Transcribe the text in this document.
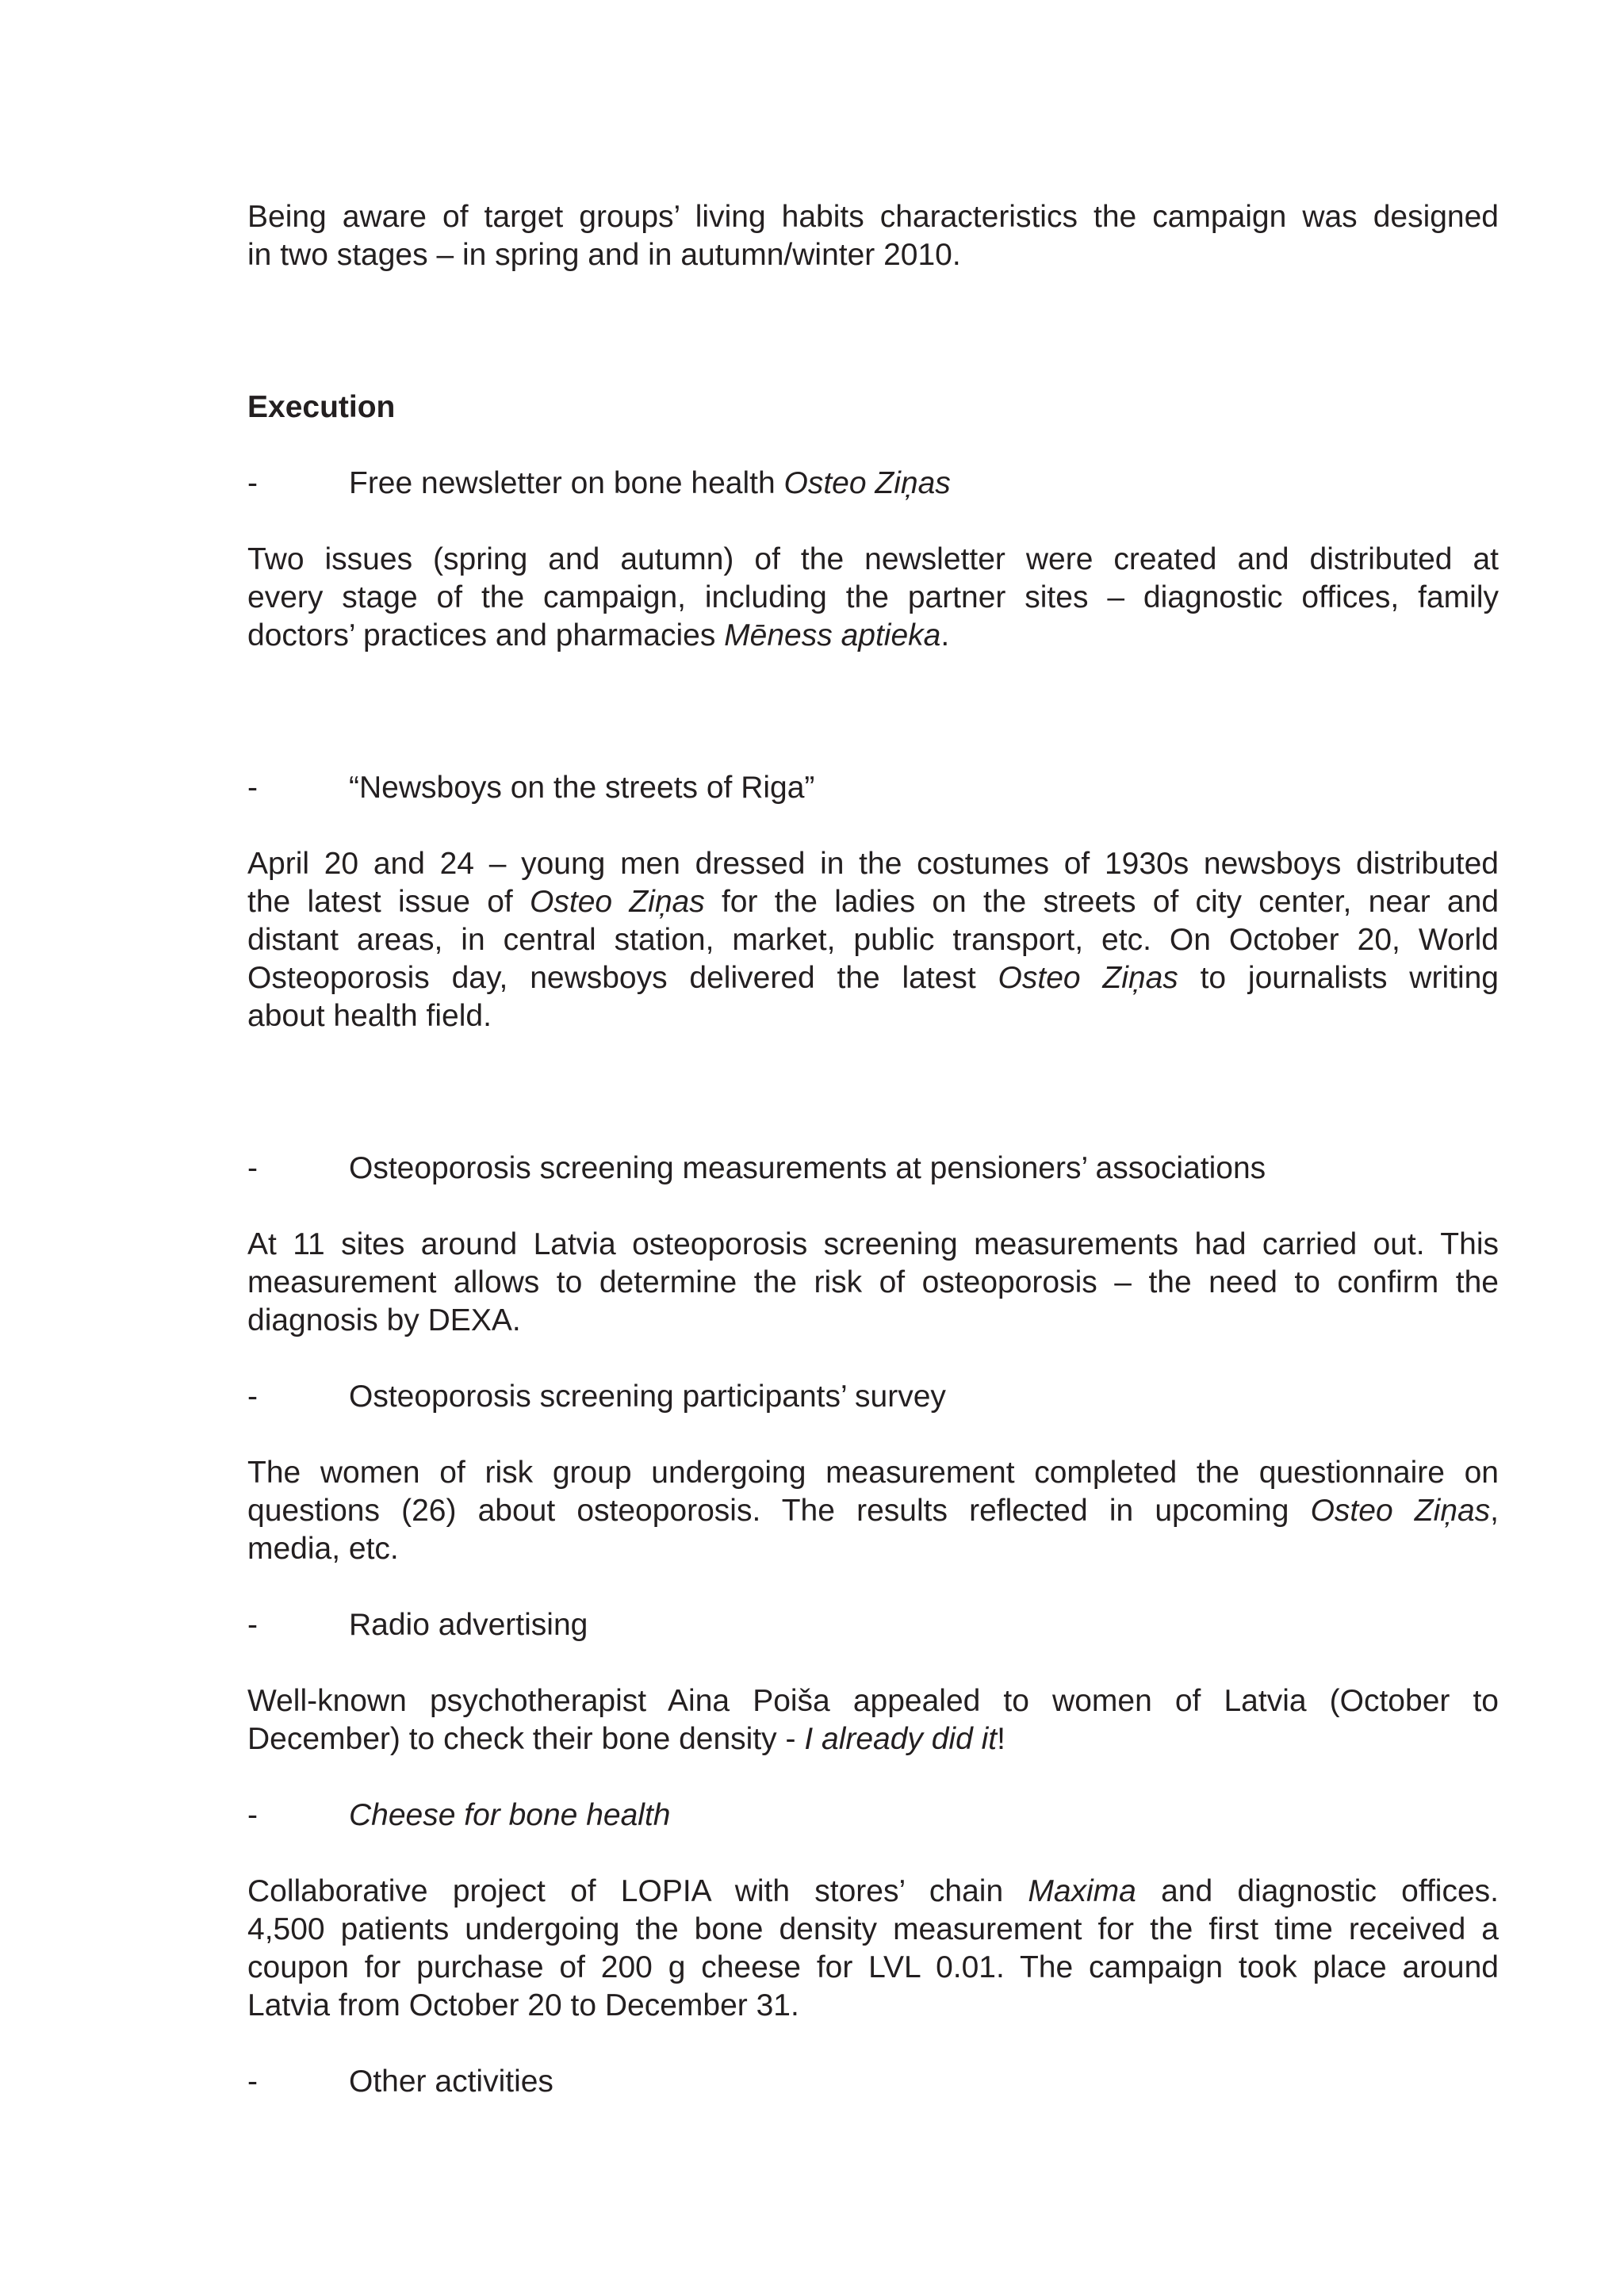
Being aware of target groups’ living habits characteristics the campaign was designed
in two stages – in spring and in autumn/winter 2010.

Execution
-	Free newsletter on bone health Osteo Ziņas

Two issues (spring and autumn) of the newsletter were created and distributed at
every stage of the campaign, including the partner sites – diagnostic offices, family
doctors’ practices and pharmacies Mēness aptieka.

-	“Newsboys on the streets of Riga”

April 20 and 24 – young men dressed in the costumes of 1930s newsboys distributed
the latest issue of Osteo Ziņas for the ladies on the streets of city center, near and
distant areas, in central station, market, public transport, etc. On October 20, World
Osteoporosis day, newsboys delivered the latest Osteo Ziņas to journalists writing
about health field.

-	Osteoporosis screening measurements at pensioners’ associations

At 11 sites around Latvia osteoporosis screening measurements had carried out. This
measurement allows to determine the risk of osteoporosis – the need to confirm the
diagnosis by DEXA.

-	Osteoporosis screening participants’ survey

The women of risk group undergoing measurement completed the questionnaire on
questions (26) about osteoporosis. The results reflected in upcoming Osteo Ziņas,
media, etc.

-	Radio advertising

Well-known psychotherapist Aina Poiša appealed to women of Latvia (October to
December) to check their bone density - I already did it!

-	Cheese for bone health

Collaborative project of LOPIA with stores’ chain Maxima and diagnostic offices.
4,500 patients undergoing the bone density measurement for the first time received a
coupon for purchase of 200 g cheese for LVL 0.01. The campaign took place around
Latvia from October 20 to December 31.

-	Other activities
